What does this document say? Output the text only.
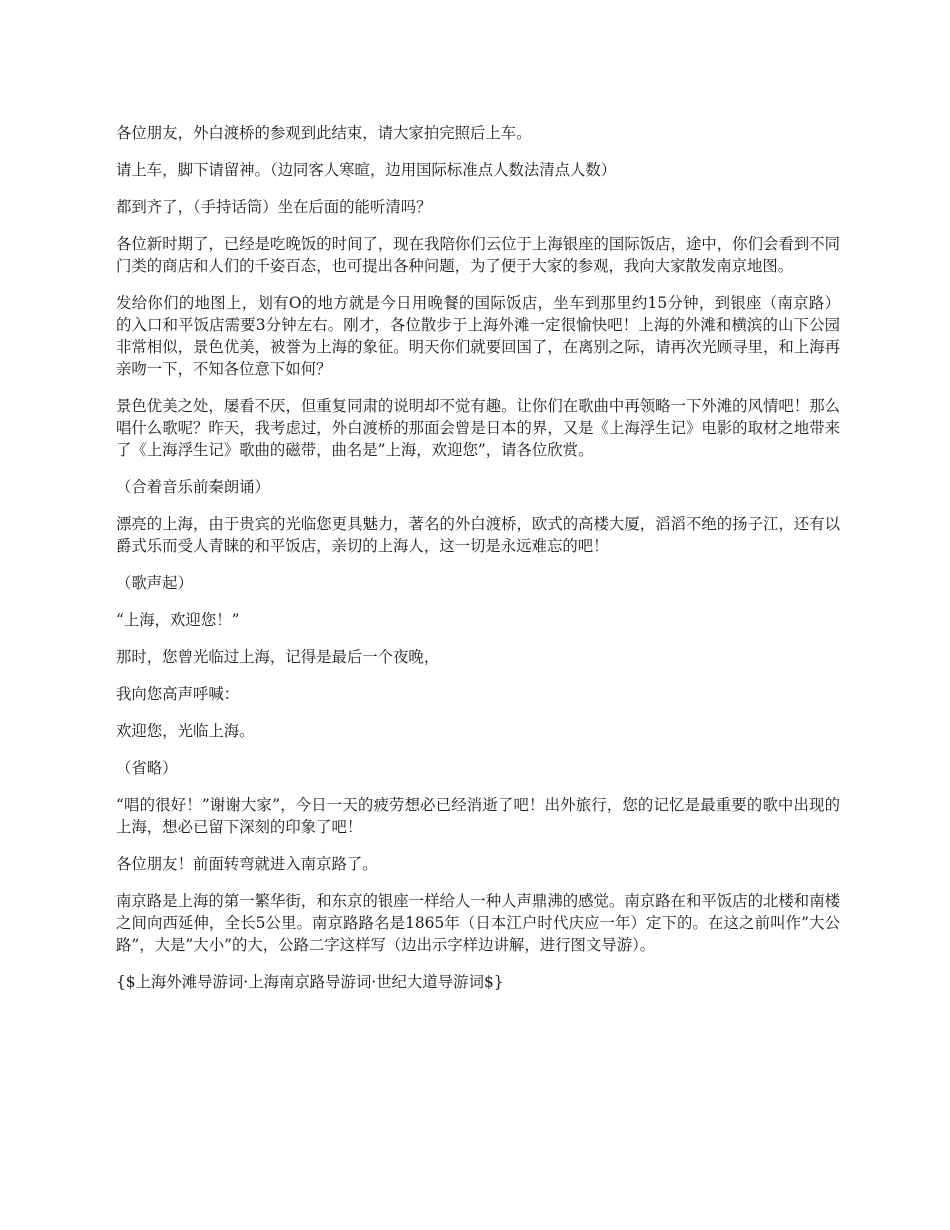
各位朋友，外白渡桥的参观到此结束，请大家拍完照后上车。

请上车，脚下请留神。（边同客人寒暄，边用国际标准点人数法清点人数）

都到齐了，（手持话筒）坐在后面的能听清吗？

各位新时期了，已经是吃晚饭的时间了，现在我陪你们云位于上海银座的国际饭店，途中，你们会看到不同门类的商店和人们的千姿百态，也可提出各种问题，为了便于大家的参观，我向大家散发南京地图。

发给你们的地图上，划有O的地方就是今日用晚餐的国际饭店，坐车到那里约15分钟，到银座（南京路）的入口和平饭店需要3分钟左右。刚才，各位散步于上海外滩一定很愉快吧！上海的外滩和横滨的山下公园非常相似，景色优美，被誉为上海的象征。明天你们就要回国了，在离别之际，请再次光顾寻里，和上海再亲吻一下，不知各位意下如何？

景色优美之处，屡看不厌，但重复同肃的说明却不觉有趣。让你们在歌曲中再领略一下外滩的风情吧！那么唱什么歌呢？昨天，我考虑过，外白渡桥的那面会曾是日本的界，又是《上海浮生记》电影的取材之地带来了《上海浮生记》歌曲的磁带，曲名是”上海，欢迎您”，请各位欣赏。

（合着音乐前秦朗诵）

漂亮的上海，由于贵宾的光临您更具魅力，著名的外白渡桥，欧式的高楼大厦，滔滔不绝的扬子江，还有以爵式乐而受人青睐的和平饭店，亲切的上海人，这一切是永远难忘的吧！

（歌声起）

“上海，欢迎您！”

那时，您曾光临过上海，记得是最后一个夜晚，

我向您高声呼喊：

欢迎您，光临上海。

（省略）

“唱的很好！”谢谢大家”，今日一天的疲劳想必已经消逝了吧！出外旅行，您的记忆是最重要的歌中出现的上海，想必已留下深刻的印象了吧！

各位朋友！前面转弯就进入南京路了。

南京路是上海的第一繁华街，和东京的银座一样给人一种人声鼎沸的感觉。南京路在和平饭店的北楼和南楼之间向西延伸，全长5公里。南京路路名是1865年（日本江户时代庆应一年）定下的。在这之前叫作”大公路”，大是”大小”的大，公路二字这样写（边出示字样边讲解，进行图文导游）。

{$上海外滩导游词·上海南京路导游词·世纪大道导游词$}
